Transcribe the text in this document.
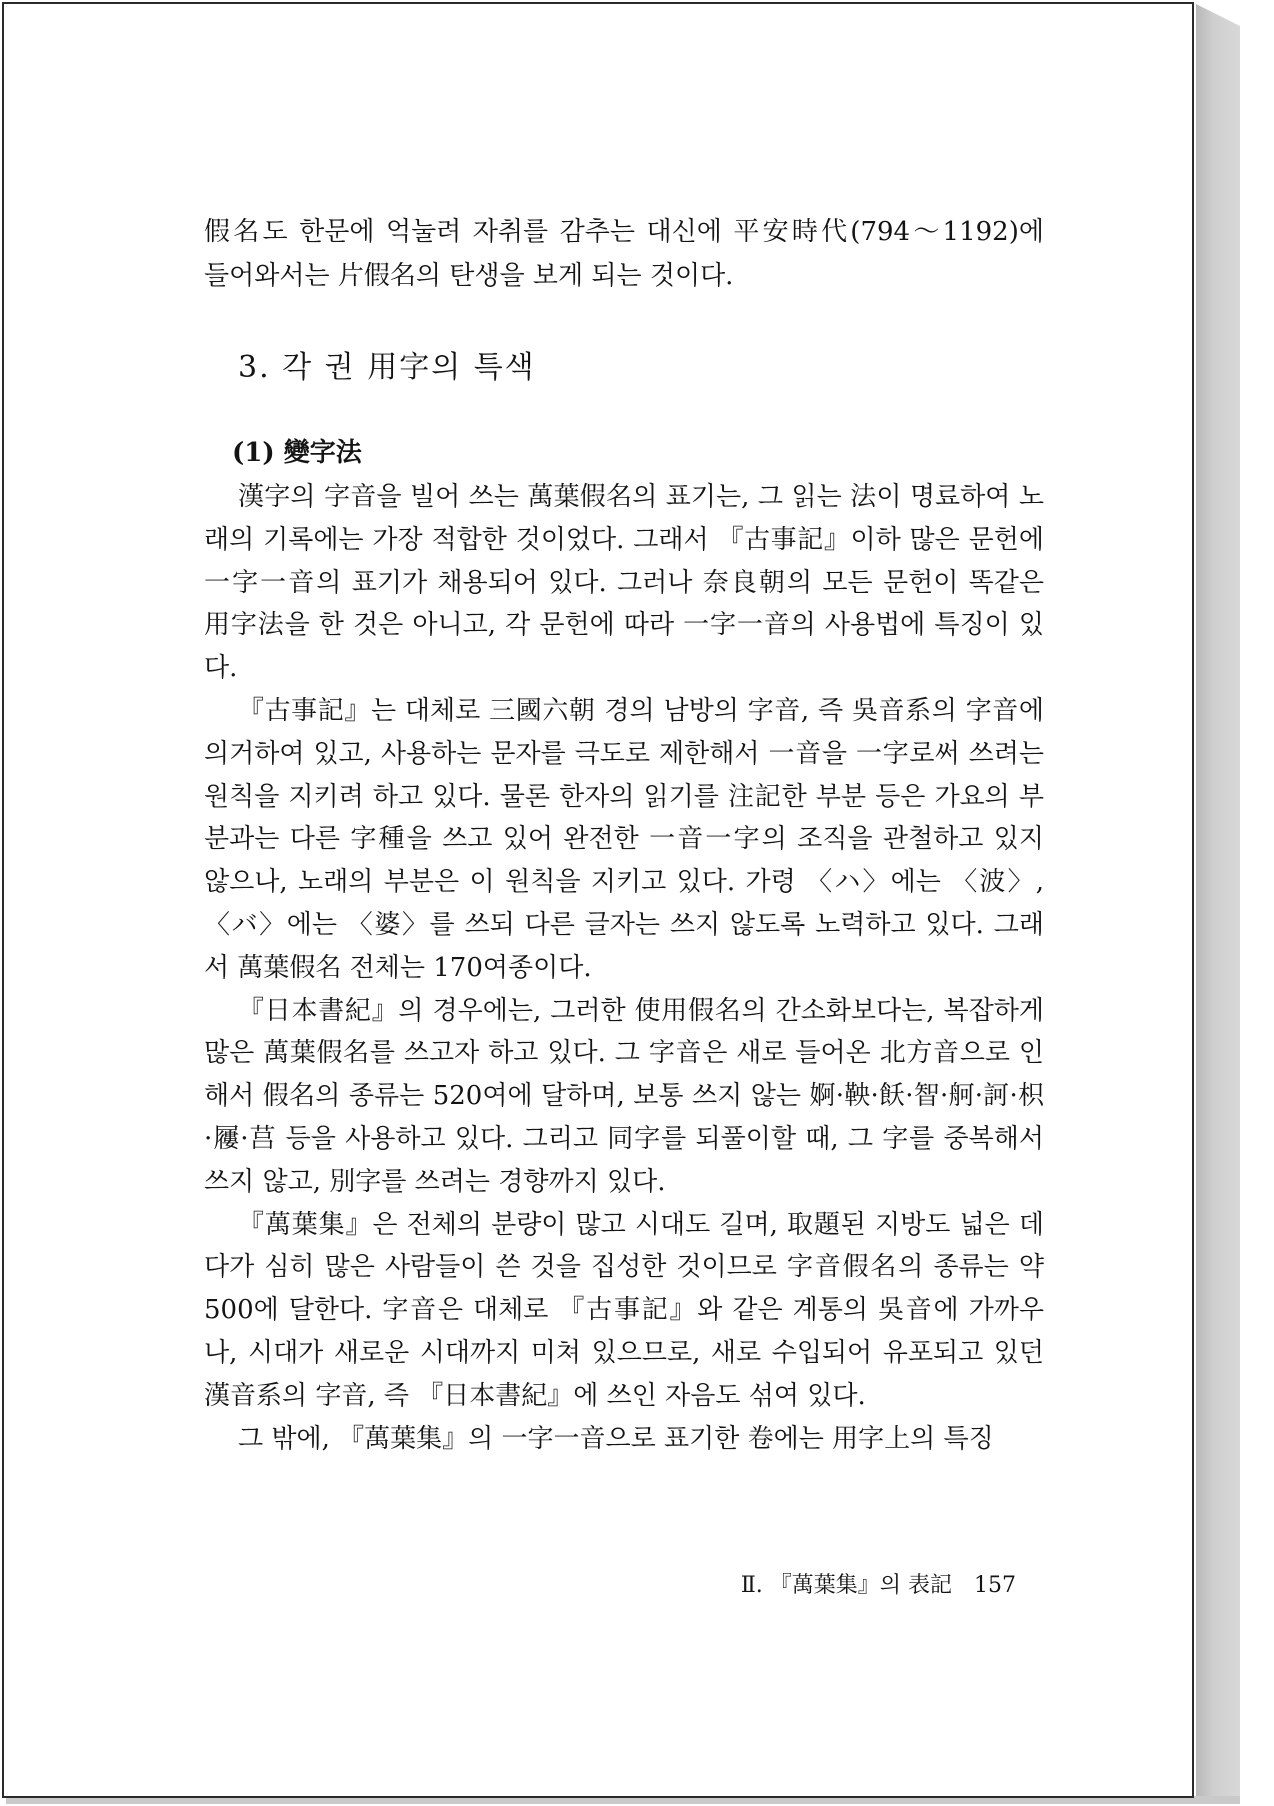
假名도 한문에 억눌려 자취를 감추는 대신에 平安時代(794～1192)에

들어와서는 片假名의 탄생을 보게 되는 것이다.

3. 각 권 用字의 특색
(1) 變字法

漢字의 字音을 빌어 쓰는 萬葉假名의 표기는, 그 읽는 法이 명료하여 노래의 기록에는 가장 적합한 것이었다. 그래서 『古事記』이하 많은 문헌에 一字一音의 표기가 채용되어 있다. 그러나 奈良朝의 모든 문헌이 똑같은 用字法을 한 것은 아니고, 각 문헌에 따라 一字一音의 사용법에 특징이 있다.

『古事記』는 대체로 三國六朝 경의 남방의 字音, 즉 吳音系의 字音에 의거하여 있고, 사용하는 문자를 극도로 제한해서 一音을 一字로써 쓰려는 원칙을 지키려 하고 있다. 물론 한자의 읽기를 注記한 부분 등은 가요의 부분과는 다른 字種을 쓰고 있어 완전한 一音一字의 조직을 관철하고 있지 않으나, 노래의 부분은 이 원칙을 지키고 있다. 가령 〈ハ〉에는 〈波〉, 〈バ〉에는 〈婆〉를 쓰되 다른 글자는 쓰지 않도록 노력하고 있다. 그래서 萬葉假名 전체는 170여종이다.

『日本書紀』의 경우에는, 그러한 使用假名의 간소화보다는, 복잡하게 많은 萬葉假名를 쓰고자 하고 있다. 그 字音은 새로 들어온 北方音으로 인해서 假名의 종류는 520여에 달하며, 보통 쓰지 않는 婀·鞅·飫·智·舸·訶·枳·屨·莒 등을 사용하고 있다. 그리고 同字를 되풀이할 때, 그 字를 중복해서 쓰지 않고, 別字를 쓰려는 경향까지 있다.

『萬葉集』은 전체의 분량이 많고 시대도 길며, 取題된 지방도 넓은 데다가 심히 많은 사람들이 쓴 것을 집성한 것이므로 字音假名의 종류는 약 500에 달한다. 字音은 대체로 『古事記』와 같은 계통의 吳音에 가까우나, 시대가 새로운 시대까지 미쳐 있으므로, 새로 수입되어 유포되고 있던 漢音系의 字音, 즉 『日本書紀』에 쓰인 자음도 섞여 있다.

그 밖에, 『萬葉集』의 一字一音으로 표기한 卷에는 用字上의 특징

Ⅱ. 『萬葉集』의 表記 157
